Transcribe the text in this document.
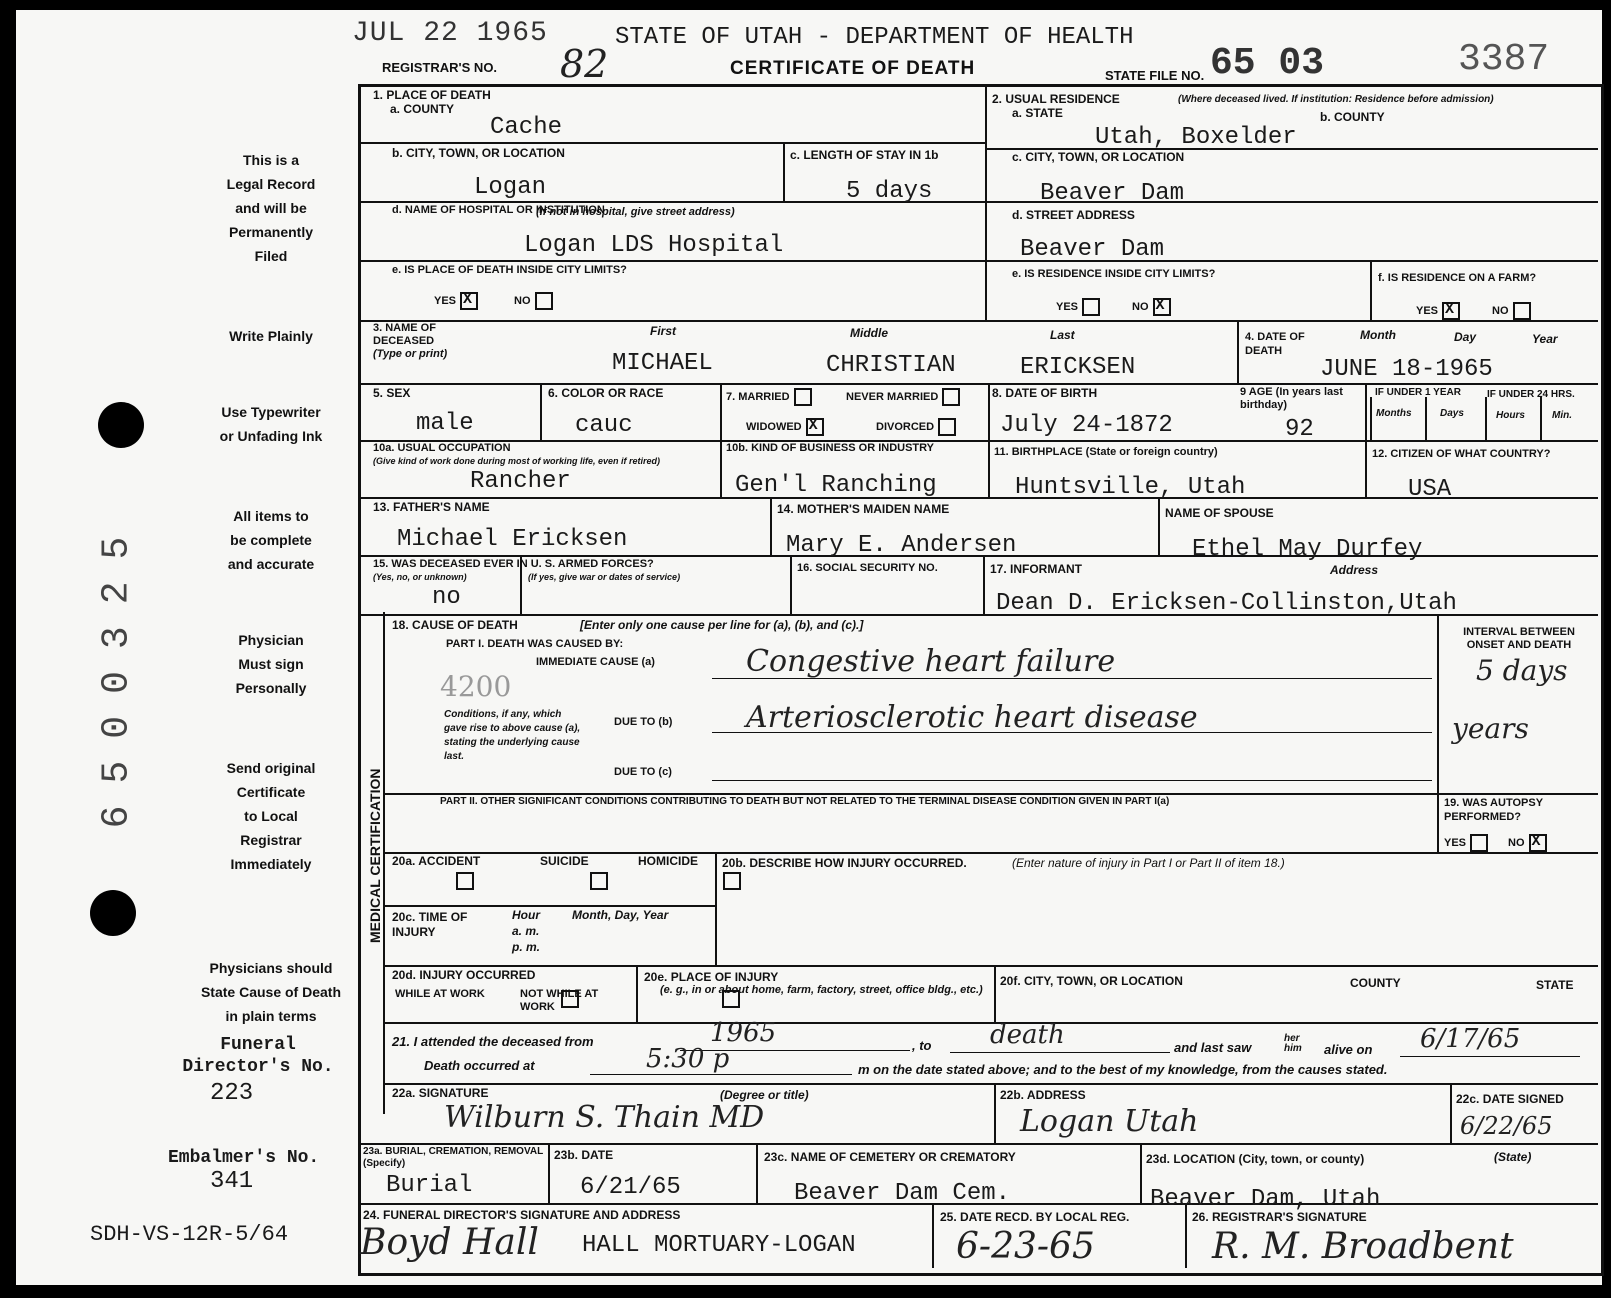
JUL 22 1965	STATE OF UTAH - DEPARTMENT OF HEALTH
REGISTRAR'S NO. 82	CERTIFICATE OF DEATH	STATE FILE NO. 65 03	3387
This is a
Legal Record
and will be
Permanently
Filed
Write Plainly
Use Typewriter
or Unfading Ink
All items to
be complete
and accurate
Physician
Must sign
Personally
Send original
Certificate
to Local
Registrar
Immediately
Physicians should
State Cause of Death
in plain terms
Funeral
Director's No.
223
Embalmer's No.
341
SDH-VS-12R-5/64
6500325
MEDICAL CERTIFICATION
1. PLACE OF DEATH
a. COUNTY
Cache
2. USUAL RESIDENCE	(Where deceased lived. If institution: Residence before admission)
a. STATE	b. COUNTY
Utah, Boxelder
b. CITY, TOWN, OR LOCATION
Logan
c. LENGTH OF STAY IN 1b
5 days
c. CITY, TOWN, OR LOCATION
Beaver Dam
d. NAME OF HOSPITAL OR INSTITUTION
(If not in hospital, give street address)
Logan LDS Hospital
d. STREET ADDRESS
Beaver Dam
e. IS PLACE OF DEATH INSIDE CITY LIMITS?
YES X	NO
e. IS RESIDENCE INSIDE CITY LIMITS?
YES	NOX
f. IS RESIDENCE ON A FARM?
YES X	NO
3. NAME OF DECEASED (Type or print)
First	Middle	Last
MICHAEL	CHRISTIAN	ERICKSEN
4. DATE OF DEATH
Month	Day	Year
JUNE 18-1965
5. SEX
male
6. COLOR OR RACE
cauc
7. MARRIED	NEVER MARRIED
WIDOWED X	DIVORCED
8. DATE OF BIRTH
July 24-1872
9 AGE (In years last birthday)
92
IF UNDER 1 YEAR	IF UNDER 24 HRS.
Months	Days	Hours	Min.
10a. USUAL OCCUPATION
(Give kind of work done during most of working life, even if retired)
Rancher
10b. KIND OF BUSINESS OR INDUSTRY
Gen'l Ranching
11. BIRTHPLACE (State or foreign country)
Huntsville, Utah
12. CITIZEN OF WHAT COUNTRY?
USA
13. FATHER'S NAME
Michael Ericksen
14. MOTHER'S MAIDEN NAME
Mary E. Andersen
NAME OF SPOUSE
Ethel May Durfey
15. WAS DECEASED EVER IN U. S. ARMED FORCES?
(Yes, no, or unknown)	(If yes, give war or dates of service)
no
16. SOCIAL SECURITY NO.	17. INFORMANT	Address
Dean D. Ericksen-Collinston,Utah
18. CAUSE OF DEATH	[Enter only one cause per line for (a), (b), and (c).]
PART I. DEATH WAS CAUSED BY:
IMMEDIATE CAUSE (a)	Congestive heart failure
4200
Conditions, if any, which gave rise to above cause (a), stating the underlying cause last.
DUE TO (b) Arteriosclerotic heart disease
DUE TO (c)
INTERVAL BETWEEN ONSET AND DEATH
5 days
years
PART II. OTHER SIGNIFICANT CONDITIONS CONTRIBUTING TO DEATH BUT NOT RELATED TO THE TERMINAL DISEASE CONDITION GIVEN IN PART I(a)	19. WAS AUTOPSY PERFORMED?
YES	NOX
20a. ACCIDENT	SUICIDE	HOMICIDE
20b. DESCRIBE HOW INJURY OCCURRED.	(Enter nature of injury in Part I or Part II of item 18.)
20c. TIME OF INJURY
Hour
a. m.
p. m.
Month, Day, Year
20d. INJURY OCCURRED
WHILE AT WORK
	NOT WHILE AT WORK
20e. PLACE OF INJURY
(e. g., in or about home, farm, factory, street, office bldg., etc.)
20f. CITY, TOWN, OR LOCATION	COUNTY	STATE
21. I attended the deceased from	1965	, to death	and last saw
her him	alive on 6/17/65
Death occurred at	5:30 p	m on the date stated above; and to the best of my knowledge, from the causes stated.
22a. SIGNATURE	(Degree or title)
Wilburn S. Thain MD
22b. ADDRESS
Logan Utah
22c. DATE SIGNED
6/22/65
23a. BURIAL, CREMATION, REMOVAL (Specify)
Burial
23b. DATE
6/21/65
23c. NAME OF CEMETERY OR CREMATORY
Beaver Dam Cem.
23d. LOCATION (City, town, or county)	(State)
Beaver Dam, Utah
24. FUNERAL DIRECTOR'S SIGNATURE AND ADDRESS
Boyd Hall HALL MORTUARY-LOGAN
25. DATE RECD. BY LOCAL REG.
6-23-65
26. REGISTRAR'S SIGNATURE
R. M. Broadbent
